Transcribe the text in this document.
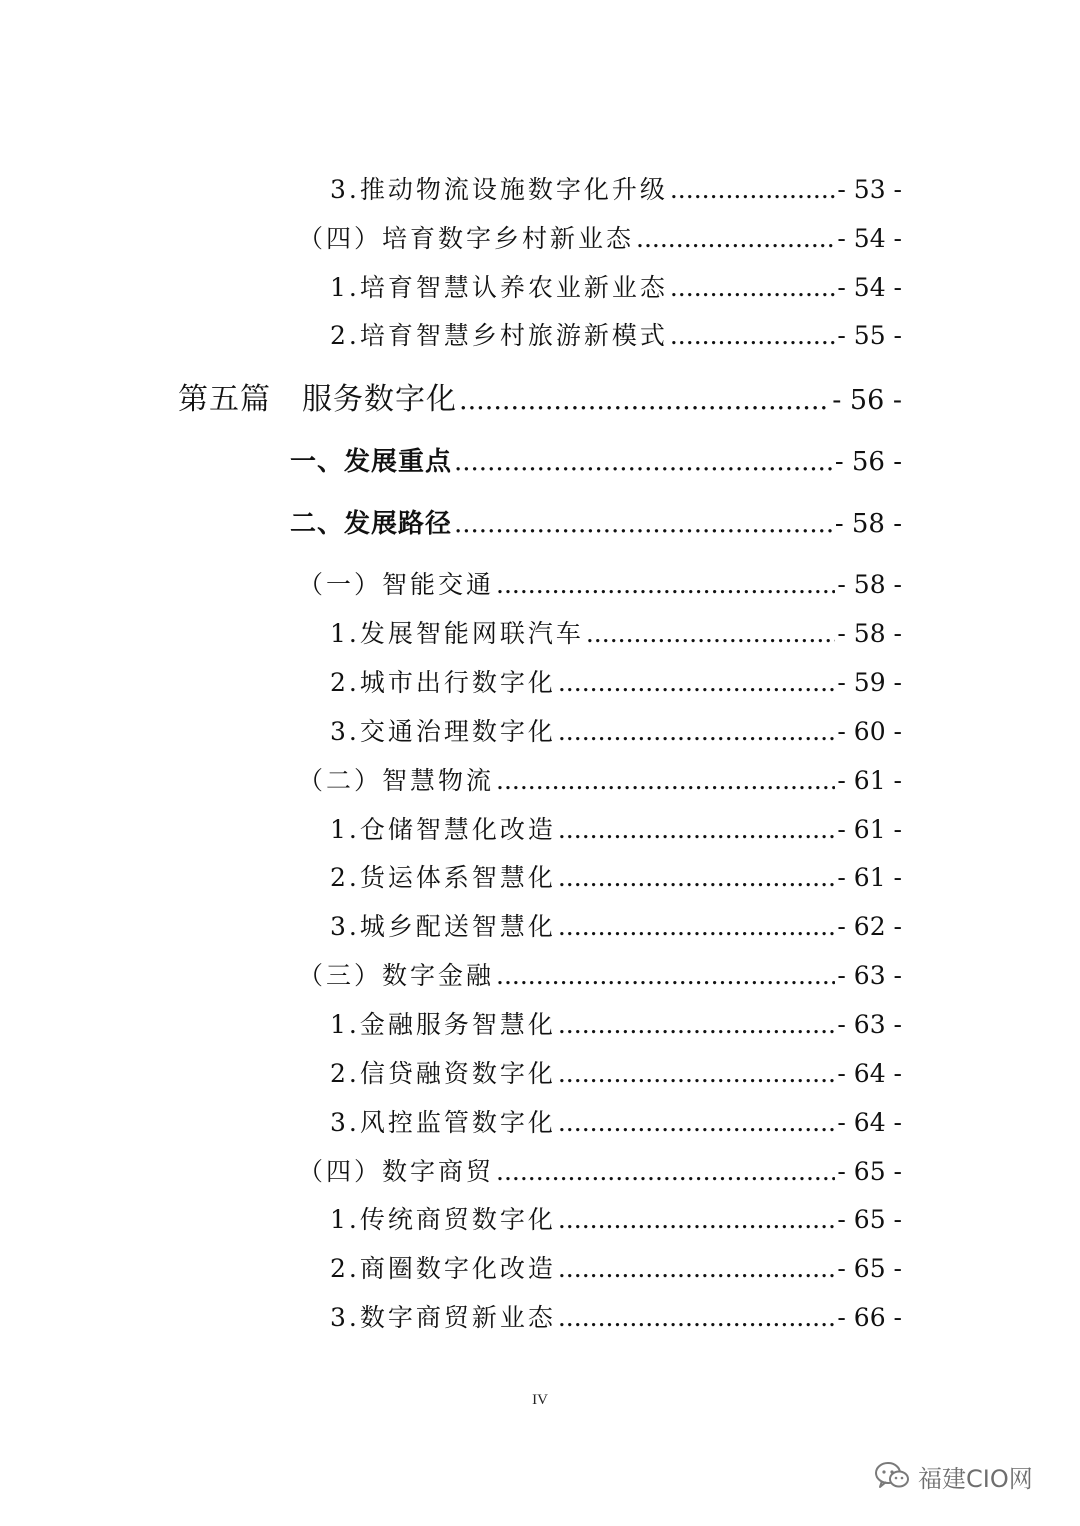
3.推动物流设施数字化升级 .....	- 53 -
（四）培育数字乡村新业态 .....	- 54 -
1.培育智慧认养农业新业态 .....	- 54 -
2.培育智慧乡村旅游新模式 .....	- 55 -
第五篇　服务数字化 .....	- 56 -
一、发展重点 .....	- 56 -
二、发展路径 .....	- 58 -
（一）智能交通 .....	- 58 -
1.发展智能网联汽车 .....	- 58 -
2.城市出行数字化 .....	- 59 -
3.交通治理数字化 .....	- 60 -
（二）智慧物流 .....	- 61 -
1.仓储智慧化改造 .....	- 61 -
2.货运体系智慧化 .....	- 61 -
3.城乡配送智慧化 .....	- 62 -
（三）数字金融 .....	- 63 -
1.金融服务智慧化 .....	- 63 -
2.信贷融资数字化 .....	- 64 -
3.风控监管数字化 .....	- 64 -
（四）数字商贸 .....	- 65 -
1.传统商贸数字化 .....	- 65 -
2.商圈数字化改造 .....	- 65 -
3.数字商贸新业态 .....	- 66 -
IV
福建CIO网
